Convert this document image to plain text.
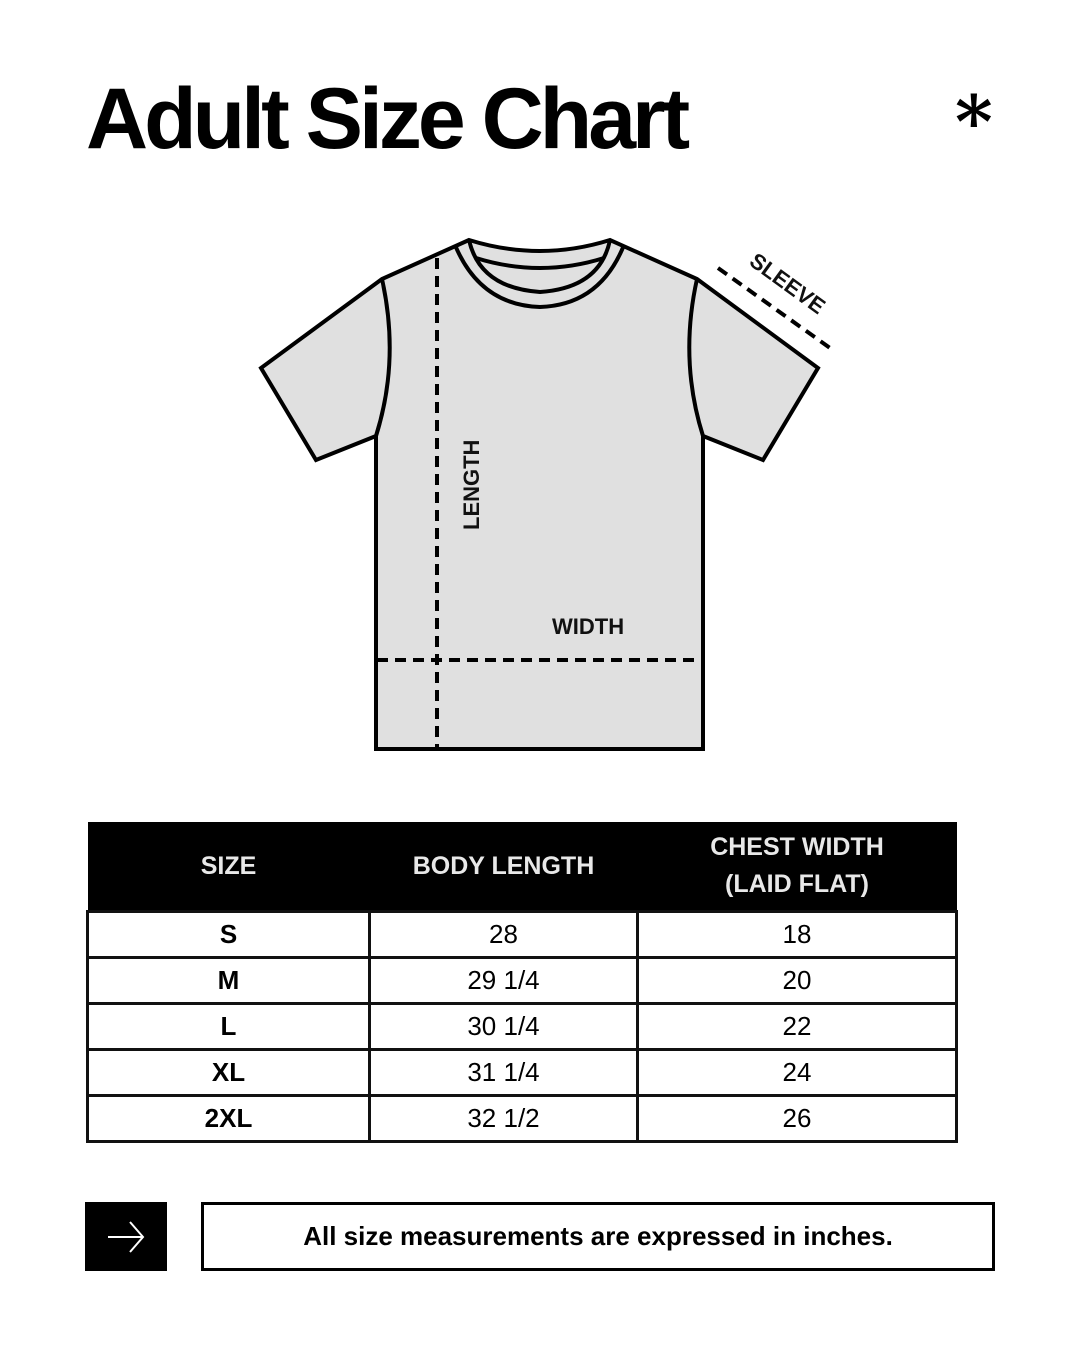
Adult Size Chart	*
SLEEVE
LENGTH
WIDTH
SIZE	BODY LENGTH	CHEST WIDTH
(LAID FLAT)
S	28	18
M	29 1/4	20
L	30 1/4	22
XL	31 1/4	24
2XL	32 1/2	26
All size measurements are expressed in inches.
